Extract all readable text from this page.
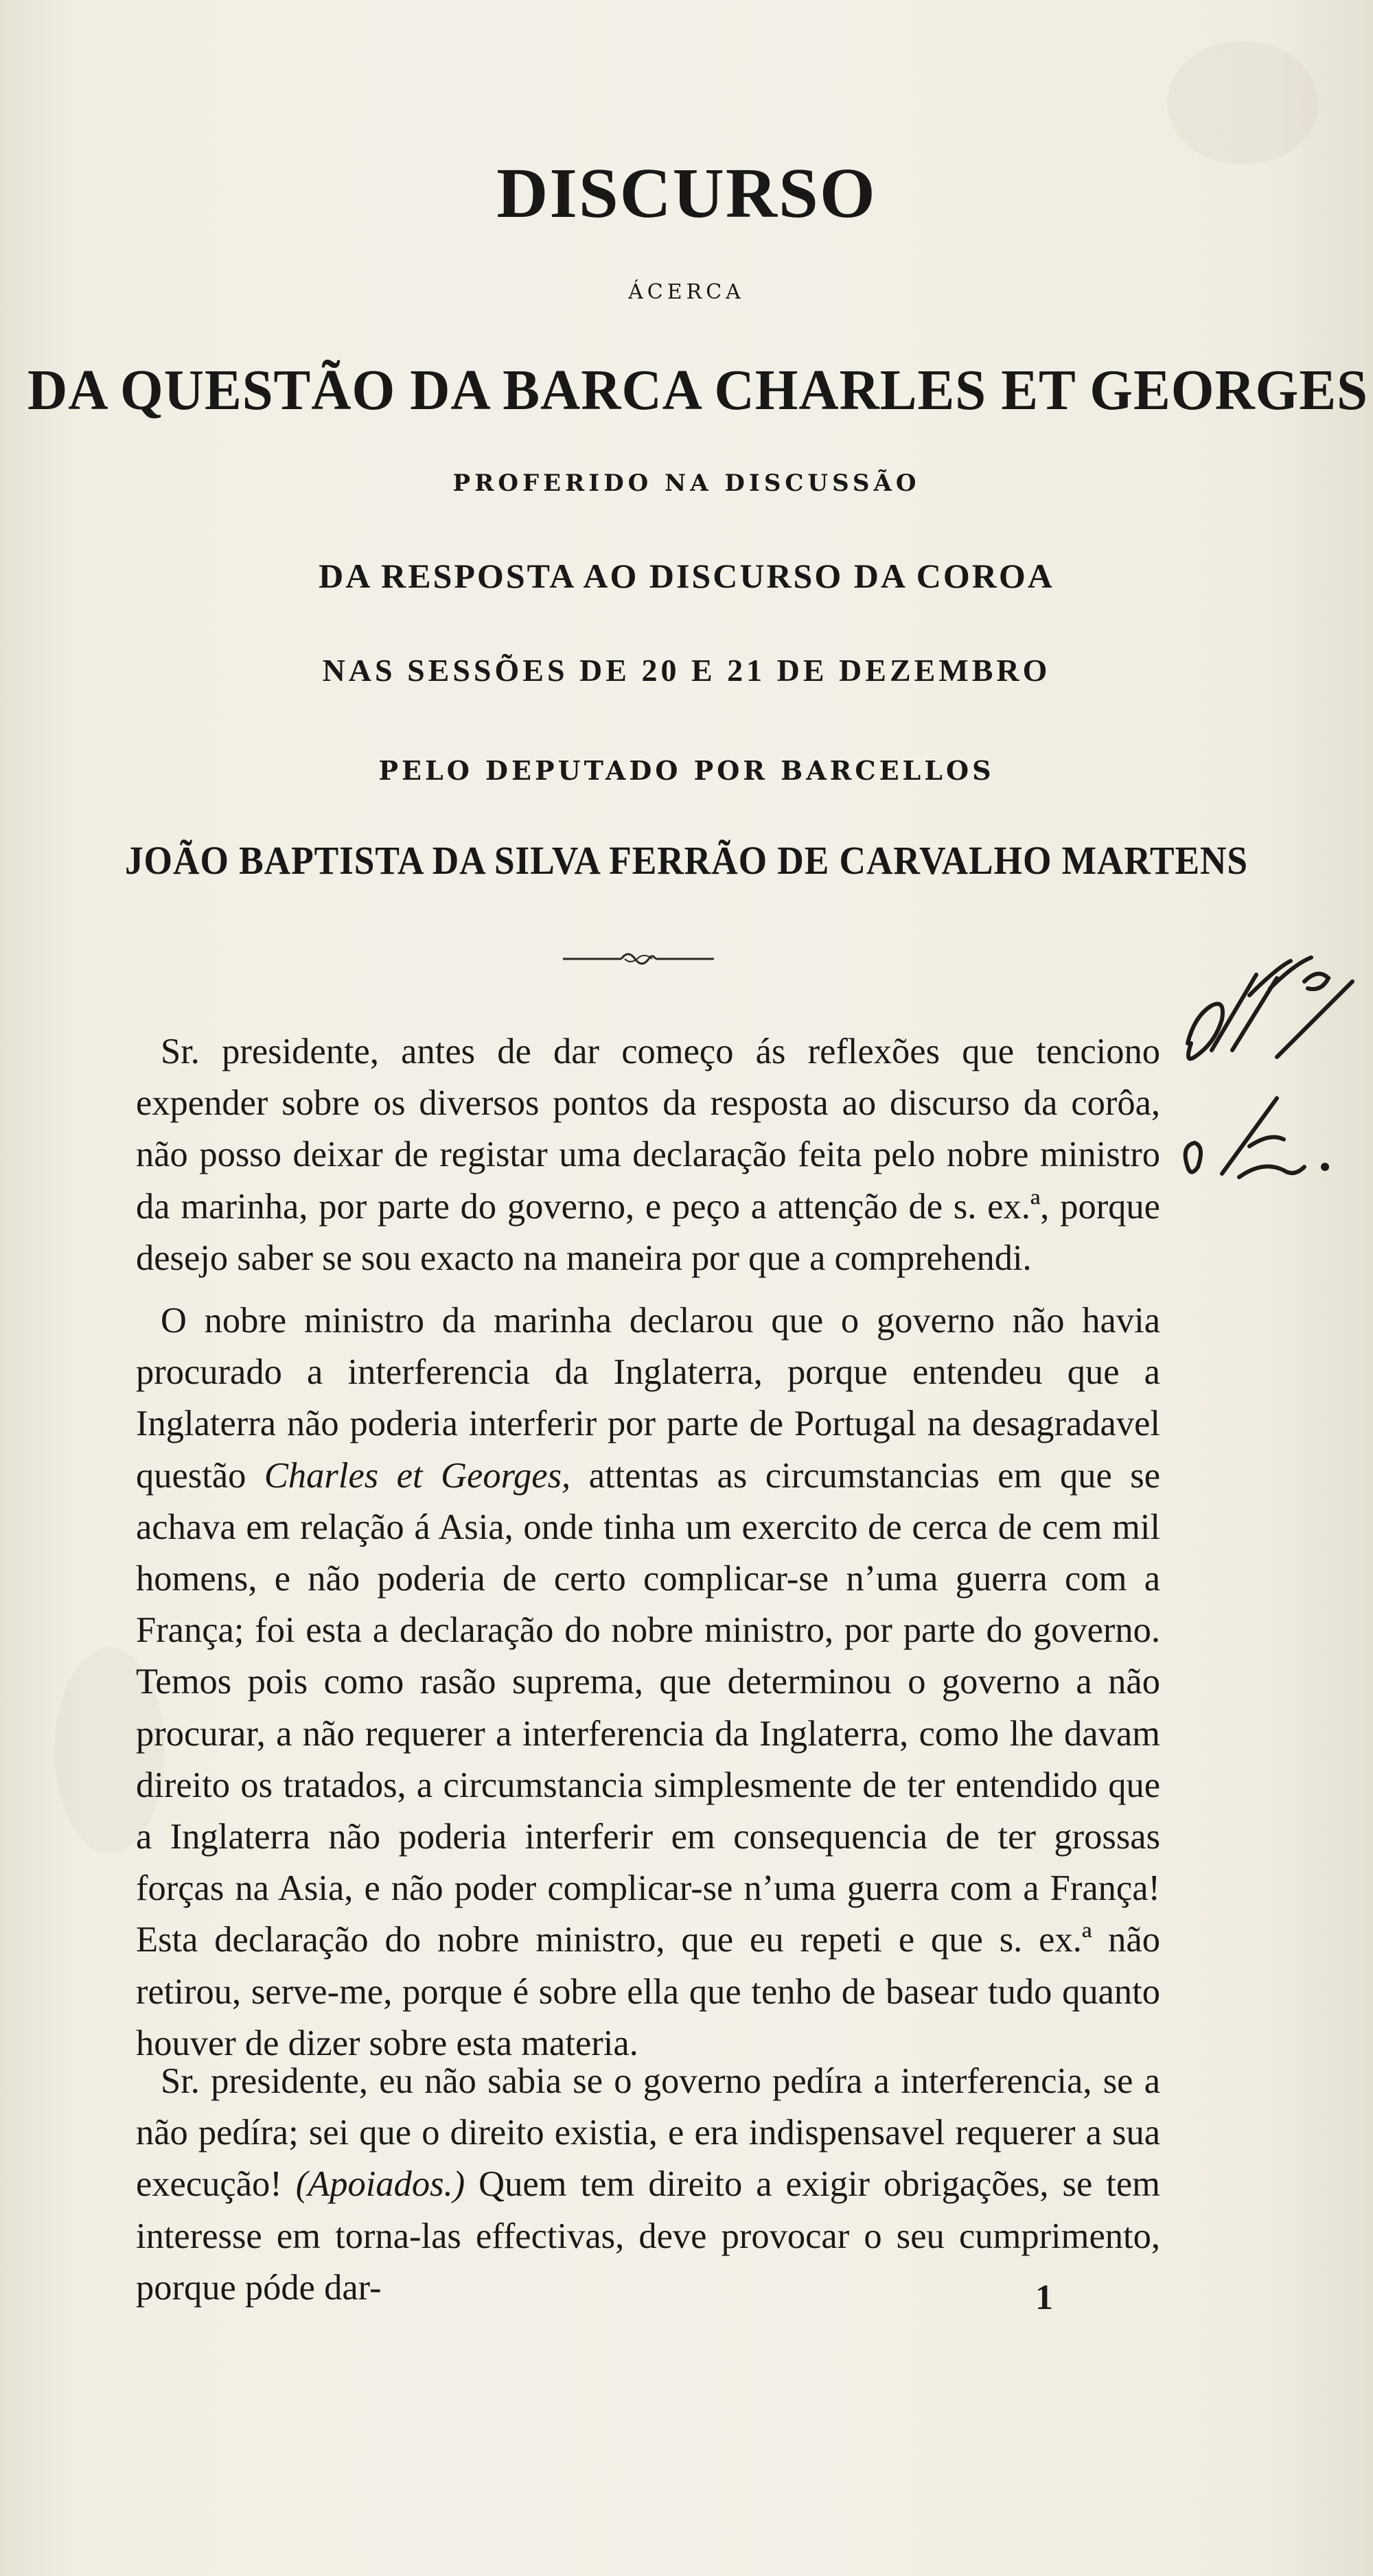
DISCURSO
ÁCERCA
DA QUESTÃO DA BARCA CHARLES ET GEORGES
PROFERIDO NA DISCUSSÃO
DA RESPOSTA AO DISCURSO DA COROA
NAS SESSÕES DE 20 E 21 DE DEZEMBRO
PELO DEPUTADO POR BARCELLOS
JOÃO BAPTISTA DA SILVA FERRÃO DE CARVALHO MARTENS
Sr. presidente, antes de dar começo ás reflexões que tenciono expender sobre os diversos pontos da resposta ao discurso da corôa, não posso deixar de registar uma declaração feita pelo nobre ministro da marinha, por parte do governo, e peço a attenção de s. ex.ª, porque desejo saber se sou exacto na maneira por que a comprehendi.
O nobre ministro da marinha declarou que o governo não havia procurado a interferencia da Inglaterra, porque entendeu que a Inglaterra não poderia interferir por parte de Portugal na desagradavel questão Charles et Georges, attentas as circumstancias em que se achava em relação á Asia, onde tinha um exercito de cerca de cem mil homens, e não poderia de certo complicar-se n’uma guerra com a França; foi esta a declaração do nobre ministro, por parte do governo. Temos pois como rasão suprema, que determinou o governo a não procurar, a não requerer a interferencia da Inglaterra, como lhe davam direito os tratados, a circumstancia simplesmente de ter entendido que a Inglaterra não poderia interferir em consequencia de ter grossas forças na Asia, e não poder complicar-se n’uma guerra com a França! Esta declaração do nobre ministro, que eu repeti e que s. ex.ª não retirou, serve-me, porque é sobre ella que tenho de basear tudo quanto houver de dizer sobre esta materia.
Sr. presidente, eu não sabia se o governo pedíra a interferencia, se a não pedíra; sei que o direito existia, e era indispensavel requerer a sua execução! (Apoiados.) Quem tem direito a exigir obrigações, se tem interesse em torna-las effectivas, deve provocar o seu cumprimento, porque póde dar-	1
